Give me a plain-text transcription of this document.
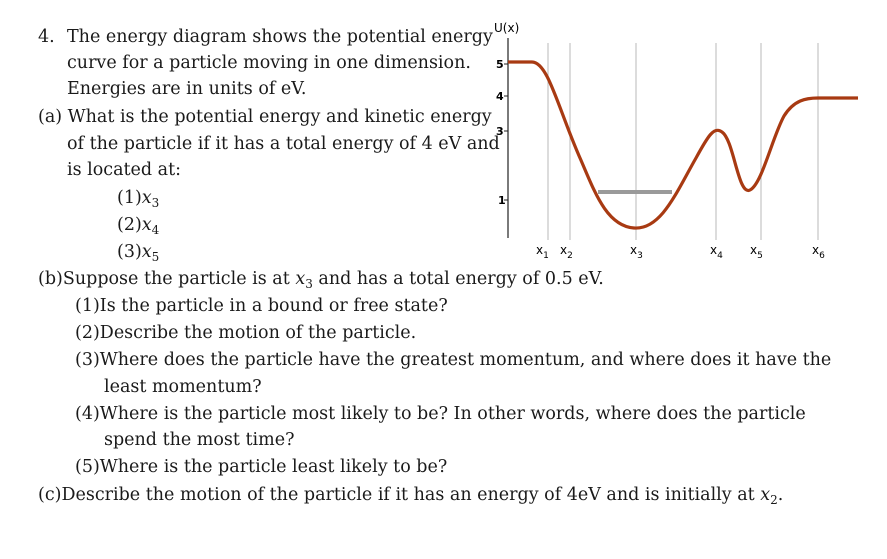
4. The energy diagram shows the potential energy
curve for a particle moving in one dimension.
Energies are in units of eV.
(a) What is the potential energy and kinetic energy
of the particle if it has a total energy of 4 eV and
is located at:
$(1)x_3$
$(2)x_4$
$(3)x_5$
(b)Suppose the particle is at $x_3$ and has a total energy of 0.5 eV.
(1)Is the particle in a bound or free state?
(2)Describe the motion of the particle.
(3)Where does the particle have the greatest momentum, and where does it have the
least momentum?
(4)Where is the particle most likely to be? In other words, where does the particle
spend the most time?
(5)Where is the particle least likely to be?
(c)Describe the motion of the particle if it has an energy of 4eV and is initially at $x_2$.
U(x)
5
4
3
1
$x_1$ $x_2$	$x_3$	$x_4$ $x_5$	$x_6$
